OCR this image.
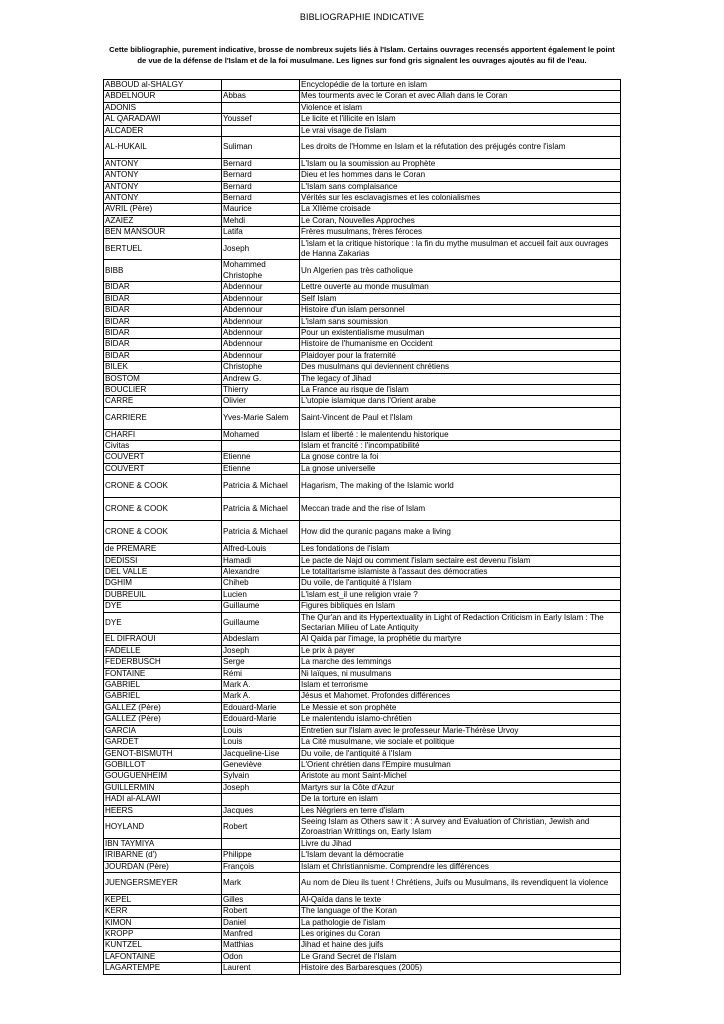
BIBLIOGRAPHIE INDICATIVE
Cette bibliographie, purement indicative, brosse de nombreux sujets liés à l'Islam. Certains ouvrages recensés apportent également le point de vue de la défense de l'Islam et de la foi musulmane. Les lignes sur fond gris signalent les ouvrages ajoutés au fil de l'eau.
ABBOUD al-SHALGY		Encyclopédie de la torture en islam
ABDELNOUR	Abbas	Mes tourments avec le Coran et avec Allah dans le Coran
ADONIS		Violence et islam
AL QARADAWI	Youssef	Le licite et l'illicite en Islam
ALCADER		Le vrai visage de l'islam
AL-HUKAIL	Suliman	Les droits de l'Homme en Islam et la réfutation des préjugés contre l'islam
ANTONY	Bernard	L'Islam ou la soumission au Prophète
ANTONY	Bernard	Dieu et les hommes dans le Coran
ANTONY	Bernard	L'Islam sans complaisance
ANTONY	Bernard	Vérités sur les esclavagismes et les colonialismes
AVRIL (Père)	Maurice	La XIIème croisade
AZAIEZ	Mehdi	Le Coran, Nouvelles Approches
BEN MANSOUR	Latifa	Frères musulmans, frères féroces
BERTUEL	Joseph	L'islam et la critique historique : la fin du mythe musulman et accueil fait aux ouvrages de Hanna Zakarias
BIBB	Mohammed Christophe	Un Algerien pas très catholique
BIDAR	Abdennour	Lettre ouverte au monde musulman
BIDAR	Abdennour	Self Islam
BIDAR	Abdennour	Histoire d'un islam personnel
BIDAR	Abdennour	L'islam sans soumission
BIDAR	Abdennour	Pour un existentialisme musulman
BIDAR	Abdennour	Histoire de l'humanisme en Occident
BIDAR	Abdennour	Plaidoyer pour la fraternité
BILEK	Christophe	Des musulmans qui deviennent chrétiens
BOSTOM	Andrew G.	The legacy of Jihad
BOUCLIER	Thierry	La France au risque de l'islam
CARRE	Olivier	L'utopie islamique dans l'Orient arabe
CARRIERE	Yves-Marie Salem	Saint-Vincent de Paul et l'Islam
CHARFI	Mohamed	Islam et liberté : le malentendu historique
Civitas		Islam et francité : l'incompatibilité
COUVERT	Etienne	La gnose contre la foi
COUVERT	Etienne	La gnose universelle
CRONE & COOK	Patricia & Michael	Hagarism, The making of the Islamic world
CRONE & COOK	Patricia & Michael	Meccan trade and the rise of Islam
CRONE & COOK	Patricia & Michael	How did the quranic pagans make a living
de PREMARE	Alfred-Louis	Les fondations de l'islam
DEDISSI	Hamadi	Le pacte de Najd ou comment l'islam sectaire est devenu l'islam
DEL VALLE	Alexandre	Le totalitarisme islamiste à l'assaut des démocraties
DGHIM	Chiheb	Du voile, de l'antiquité à l'Islam
DUBREUIL	Lucien	L'islam est_il une religion vraie ?
DYE	Guillaume	Figures bibliques en Islam
DYE	Guillaume	The Qur'an and its Hypertextuality in Light of Redaction Criticism in Early Islam : The Sectarian Milieu of Late Antiquity
EL DIFRAOUI	Abdeslam	Al Qaida par l'image, la prophétie du martyre
FADELLE	Joseph	Le prix à payer
FEDERBUSCH	Serge	La marche des lemmings
FONTAINE	Rémi	Ni laïques, ni musulmans
GABRIEL	Mark A.	Islam et terrorisme
GABRIEL	Mark A.	Jésus et Mahomet. Profondes différences
GALLEZ (Père)	Edouard-Marie	Le Messie et son prophète
GALLEZ (Père)	Edouard-Marie	Le malentendu islamo-chrétien
GARCIA	Louis	Entretien sur l'Islam avec le professeur Marie-Thérèse Urvoy
GARDET	Louis	La Cité musulmane, vie sociale et politique
GENOT-BISMUTH	Jacqueline-Lise	Du voile, de l'antiquité à l'Islam
GOBILLOT	Geneviève	L'Orient chrétien dans l'Empire musulman
GOUGUENHEIM	Sylvain	Aristote au mont Saint-Michel
GUILLERMIN	Joseph	Martyrs sur la Côte d'Azur
HADI al-ALAWI		De la torture en islam
HEERS	Jacques	Les Négriers en terre d'islam
HOYLAND	Robert	Seeing Islam as Others saw it : A survey and Evaluation of Christian, Jewish and Zoroastrian Writtings on, Early Islam
IBN TAYMIYA		Livre du Jihad
IRIBARNE (d')	Philippe	L'Islam devant la démocratie
JOURDAN (Père)	François	Islam et Christiannisme. Comprendre les différences
JUENGERSMEYER	Mark	Au nom de Dieu ils tuent ! Chrétiens, Juifs ou Musulmans, ils revendiquent la violence
KEPEL	Gilles	Al-Qaïda dans le texte
KERR	Robert	The language of the Koran
KIMON	Daniel	La pathologie de l'islam
KROPP	Manfred	Les origines du Coran
KUNTZEL	Matthias	Jihad et haine des juifs
LAFONTAINE	Odon	Le Grand Secret de l'Islam
LAGARTEMPE	Laurent	Histoire des Barbaresques (2005)
